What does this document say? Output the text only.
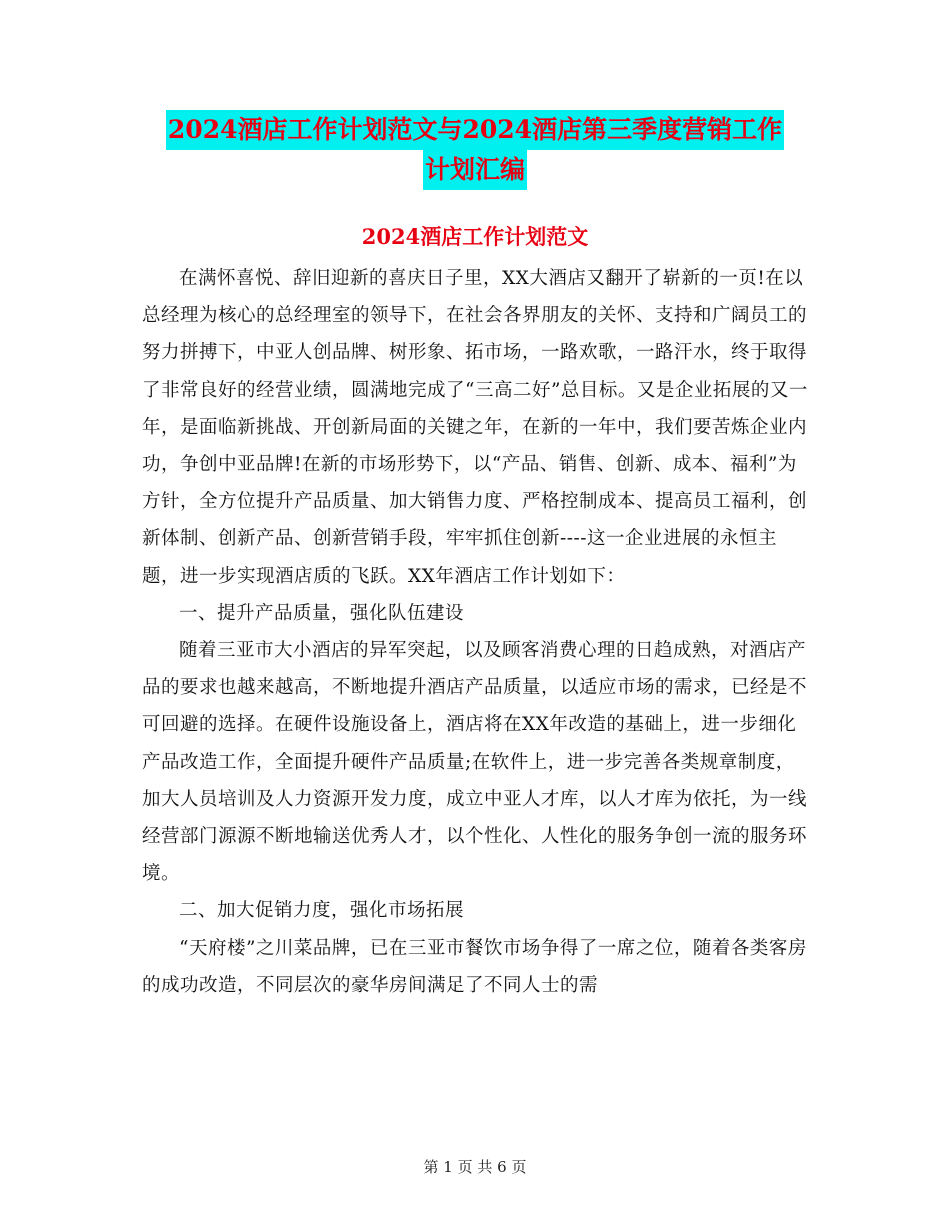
2024酒店工作计划范文与2024酒店第三季度营销工作
计划汇编
2024酒店工作计划范文

在满怀喜悦、辞旧迎新的喜庆日子里，XX大酒店又翻开了崭新的一页!在以总经理为核心的总经理室的领导下，在社会各界朋友的关怀、支持和广阔员工的努力拼搏下，中亚人创品牌、树形象、拓市场，一路欢歌，一路汗水，终于取得了非常良好的经营业绩，圆满地完成了“三高二好”总目标。又是企业拓展的又一年，是面临新挑战、开创新局面的关键之年，在新的一年中，我们要苦炼企业内功，争创中亚品牌!在新的市场形势下，以“产品、销售、创新、成本、福利”为方针，全方位提升产品质量、加大销售力度、严格控制成本、提高员工福利，创新体制、创新产品、创新营销手段，牢牢抓住创新----这一企业进展的永恒主题，进一步实现酒店质的飞跃。XX年酒店工作计划如下：

一、提升产品质量，强化队伍建设

随着三亚市大小酒店的异军突起，以及顾客消费心理的日趋成熟，对酒店产品的要求也越来越高，不断地提升酒店产品质量，以适应市场的需求，已经是不可回避的选择。在硬件设施设备上，酒店将在XX年改造的基础上，进一步细化产品改造工作，全面提升硬件产品质量;在软件上，进一步完善各类规章制度，加大人员培训及人力资源开发力度，成立中亚人才库，以人才库为依托，为一线经营部门源源不断地输送优秀人才，以个性化、人性化的服务争创一流的服务环境。

二、加大促销力度，强化市场拓展

“天府楼”之川菜品牌，已在三亚市餐饮市场争得了一席之位，随着各类客房的成功改造，不同层次的豪华房间满足了不同人士的需

第 1 页 共 6 页
